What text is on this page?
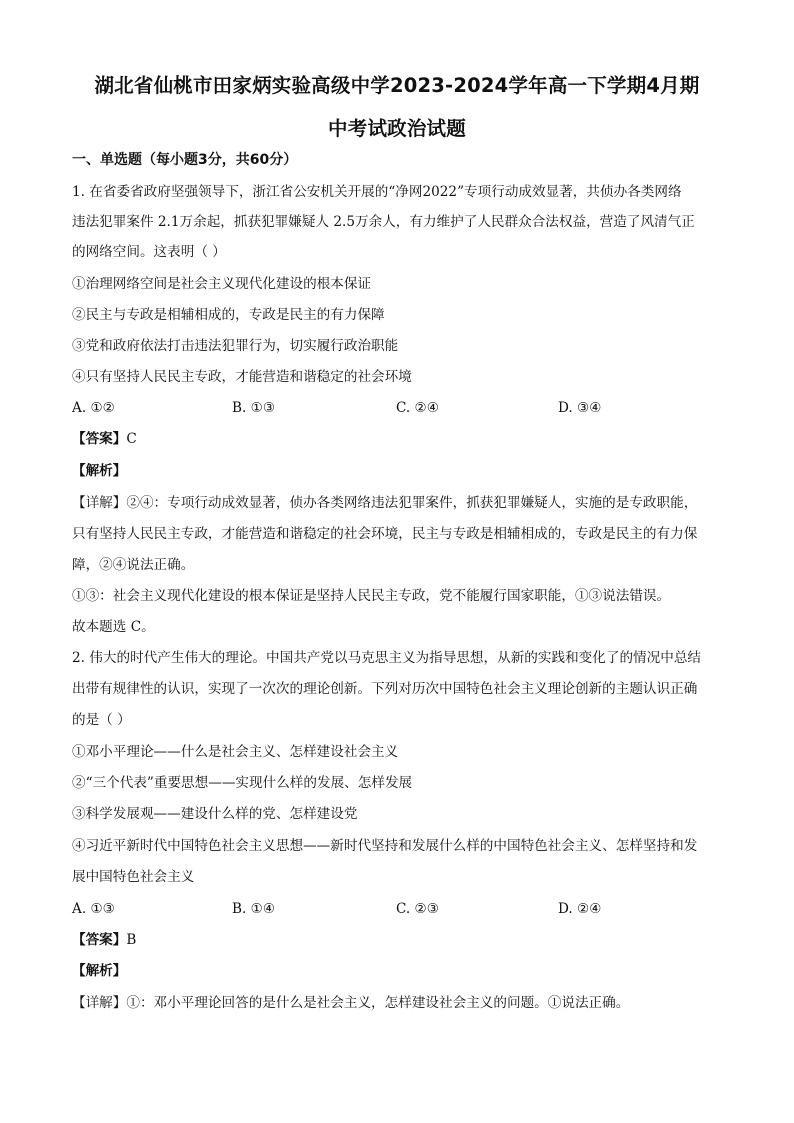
湖北省仙桃市田家炳实验高级中学2023-2024学年高一下学期4月期
中考试政治试题
一、单选题（每小题3分，共60分）
1. 在省委省政府坚强领导下，浙江省公安机关开展的“净网2022”专项行动成效显著，共侦办各类网络
违法犯罪案件 2.1万余起，抓获犯罪嫌疑人 2.5万余人，有力维护了人民群众合法权益，营造了风清气正
的网络空间。这表明（ ）
①治理网络空间是社会主义现代化建设的根本保证
②民主与专政是相辅相成的，专政是民主的有力保障
③党和政府依法打击违法犯罪行为，切实履行政治职能
④只有坚持人民民主专政，才能营造和谐稳定的社会环境
A. ①②	B. ①③	C. ②④	D. ③④
【答案】C
【解析】
【详解】②④：专项行动成效显著，侦办各类网络违法犯罪案件，抓获犯罪嫌疑人，实施的是专政职能，
只有坚持人民民主专政，才能营造和谐稳定的社会环境，民主与专政是相辅相成的，专政是民主的有力保
障，②④说法正确。
①③：社会主义现代化建设的根本保证是坚持人民民主专政，党不能履行国家职能，①③说法错误。
故本题选 C。
2. 伟大的时代产生伟大的理论。中国共产党以马克思主义为指导思想，从新的实践和变化了的情况中总结
出带有规律性的认识，实现了一次次的理论创新。下列对历次中国特色社会主义理论创新的主题认识正确
的是（ ）
①邓小平理论——什么是社会主义、怎样建设社会主义
②“三个代表”重要思想——实现什么样的发展、怎样发展
③科学发展观——建设什么样的党、怎样建设党
④习近平新时代中国特色社会主义思想——新时代坚持和发展什么样的中国特色社会主义、怎样坚持和发
展中国特色社会主义
A. ①③	B. ①④	C. ②③	D. ②④
【答案】B
【解析】
【详解】①：邓小平理论回答的是什么是社会主义，怎样建设社会主义的问题。①说法正确。
